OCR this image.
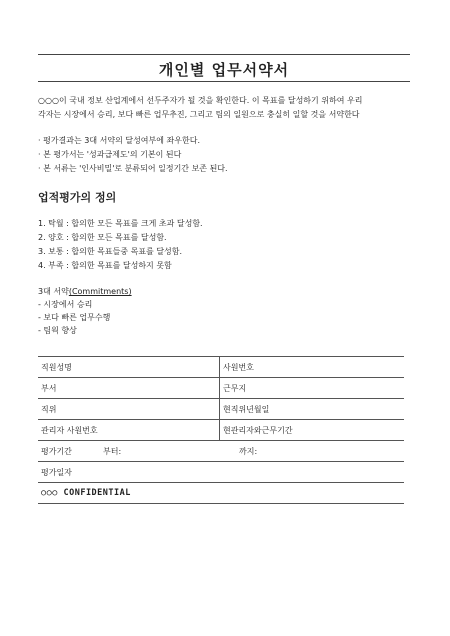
개인별 업무서약서
○○○이 국내 정보 산업계에서 선두주자가 될 것을 확인한다. 이 목표를 달성하기 위하여 우리
각자는 시장에서 승리, 보다 빠른 업무추진, 그리고 팀의 일원으로 충실히 일할 것을 서약한다
· 평가결과는 3대 서약의 달성여부에 좌우한다.
· 본 평가서는 '성과급제도'의 기본이 된다
· 본 서류는 '인사비밀'로 분류되어 일정기간 보존 된다.
업적평가의 정의
1. 탁월 : 합의한 모든 목표를 크게 초과 달성함.
2. 양호 : 합의한 모든 목표를 달성함.
3. 보통 : 합의한 목표들중 목표를 달성함.
4. 부족 : 합의한 목표를 달성하지 못함
3대 서약(Commitments)
- 시장에서 승리
- 보다 빠른 업무수행
- 팀웍 향상
직원성명	사원번호
부서	근무지
직위	현직위년월일
관리자 사원번호	현관리자와근무기간
평가기간 부터: 까지:	
평가일자	
○○○ CONFIDENTIAL	
